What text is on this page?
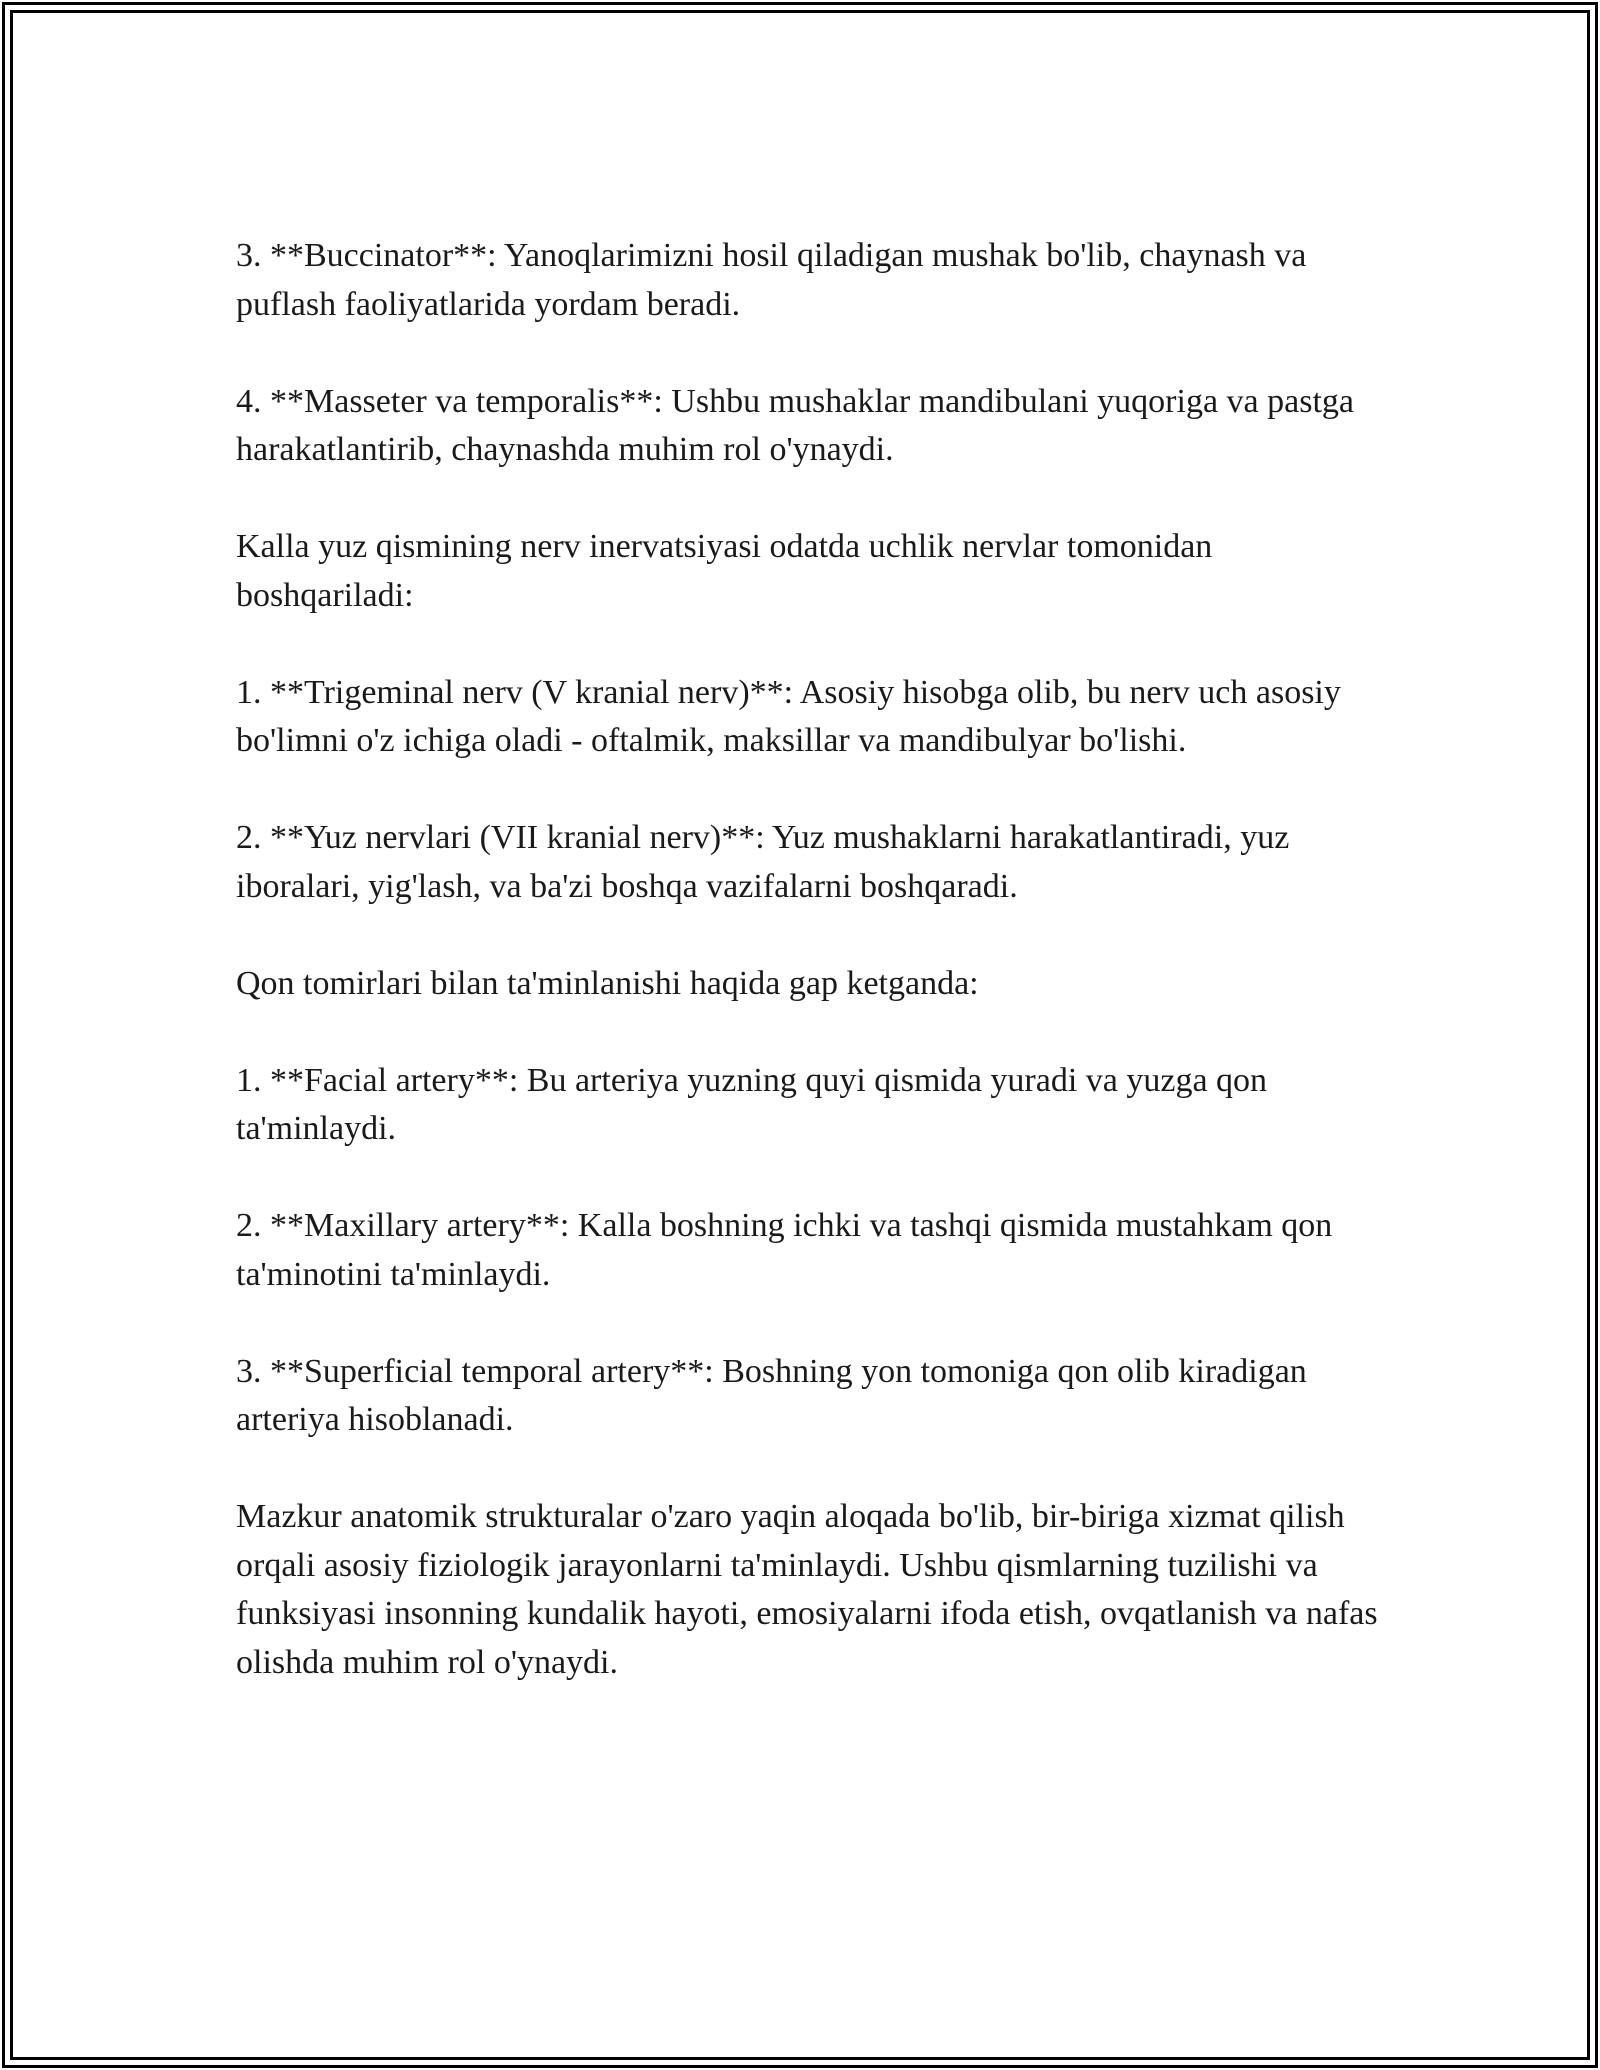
3. **Buccinator**: Yanoqlarimizni hosil qiladigan mushak bo'lib, chaynash va puflash faoliyatlarida yordam beradi.

4. **Masseter va temporalis**: Ushbu mushaklar mandibulani yuqoriga va pastga harakatlantirib, chaynashda muhim rol o'ynaydi.

Kalla yuz qismining nerv inervatsiyasi odatda uchlik nervlar tomonidan boshqariladi:

1. **Trigeminal nerv (V kranial nerv)**: Asosiy hisobga olib, bu nerv uch asosiy bo'limni o'z ichiga oladi - oftalmik, maksillar va mandibulyar bo'lishi.

2. **Yuz nervlari (VII kranial nerv)**: Yuz mushaklarni harakatlantiradi, yuz iboralari, yig'lash, va ba'zi boshqa vazifalarni boshqaradi.

Qon tomirlari bilan ta'minlanishi haqida gap ketganda:

1. **Facial artery**: Bu arteriya yuzning quyi qismida yuradi va yuzga qon ta'minlaydi.

2. **Maxillary artery**: Kalla boshning ichki va tashqi qismida mustahkam qon ta'minotini ta'minlaydi.

3. **Superficial temporal artery**: Boshning yon tomoniga qon olib kiradigan arteriya hisoblanadi.

Mazkur anatomik strukturalar o'zaro yaqin aloqada bo'lib, bir-biriga xizmat qilish orqali asosiy fiziologik jarayonlarni ta'minlaydi. Ushbu qismlarning tuzilishi va funksiyasi insonning kundalik hayoti, emosiyalarni ifoda etish, ovqatlanish va nafas olishda muhim rol o'ynaydi.
